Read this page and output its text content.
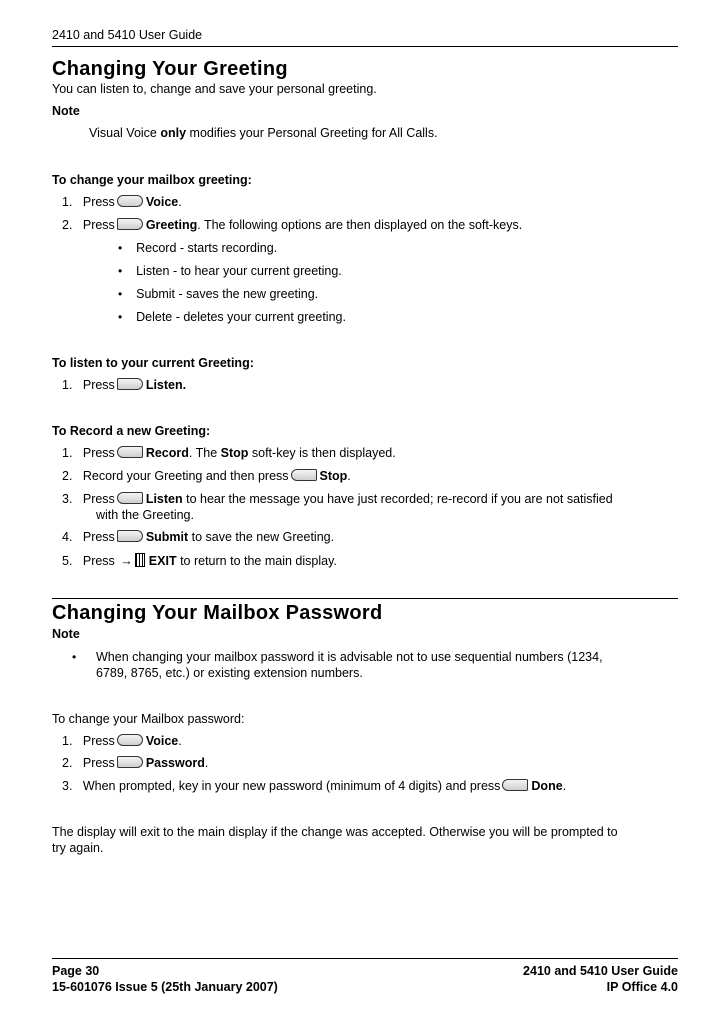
2410 and 5410 User Guide
Changing Your Greeting
You can listen to, change and save your personal greeting.
Note
Visual Voice only modifies your Personal Greeting for All Calls.
To change your mailbox greeting:
1. Press Voice.
2. Press Greeting. The following options are then displayed on the soft-keys.
• Record - starts recording.
• Listen - to hear your current greeting.
• Submit - saves the new greeting.
• Delete - deletes your current greeting.
To listen to your current Greeting:
1. Press Listen.
To Record a new Greeting:
1. Press Record. The Stop soft-key is then displayed.
2. Record your Greeting and then press Stop.
3. Press Listen to hear the message you have just recorded; re-record if you are not satisfied
with the Greeting.
4. Press Submit to save the new Greeting.
5. Press → EXIT to return to the main display.
Changing Your Mailbox Password
Note
• When changing your mailbox password it is advisable not to use sequential numbers (1234,
6789, 8765, etc.) or existing extension numbers.
To change your Mailbox password:
1. Press Voice.
2. Press Password.
3. When prompted, key in your new password (minimum of 4 digits) and press Done.
The display will exit to the main display if the change was accepted. Otherwise you will be prompted to
try again.
Page 30
15-601076 Issue 5 (25th January 2007)
2410 and 5410 User Guide
IP Office 4.0
